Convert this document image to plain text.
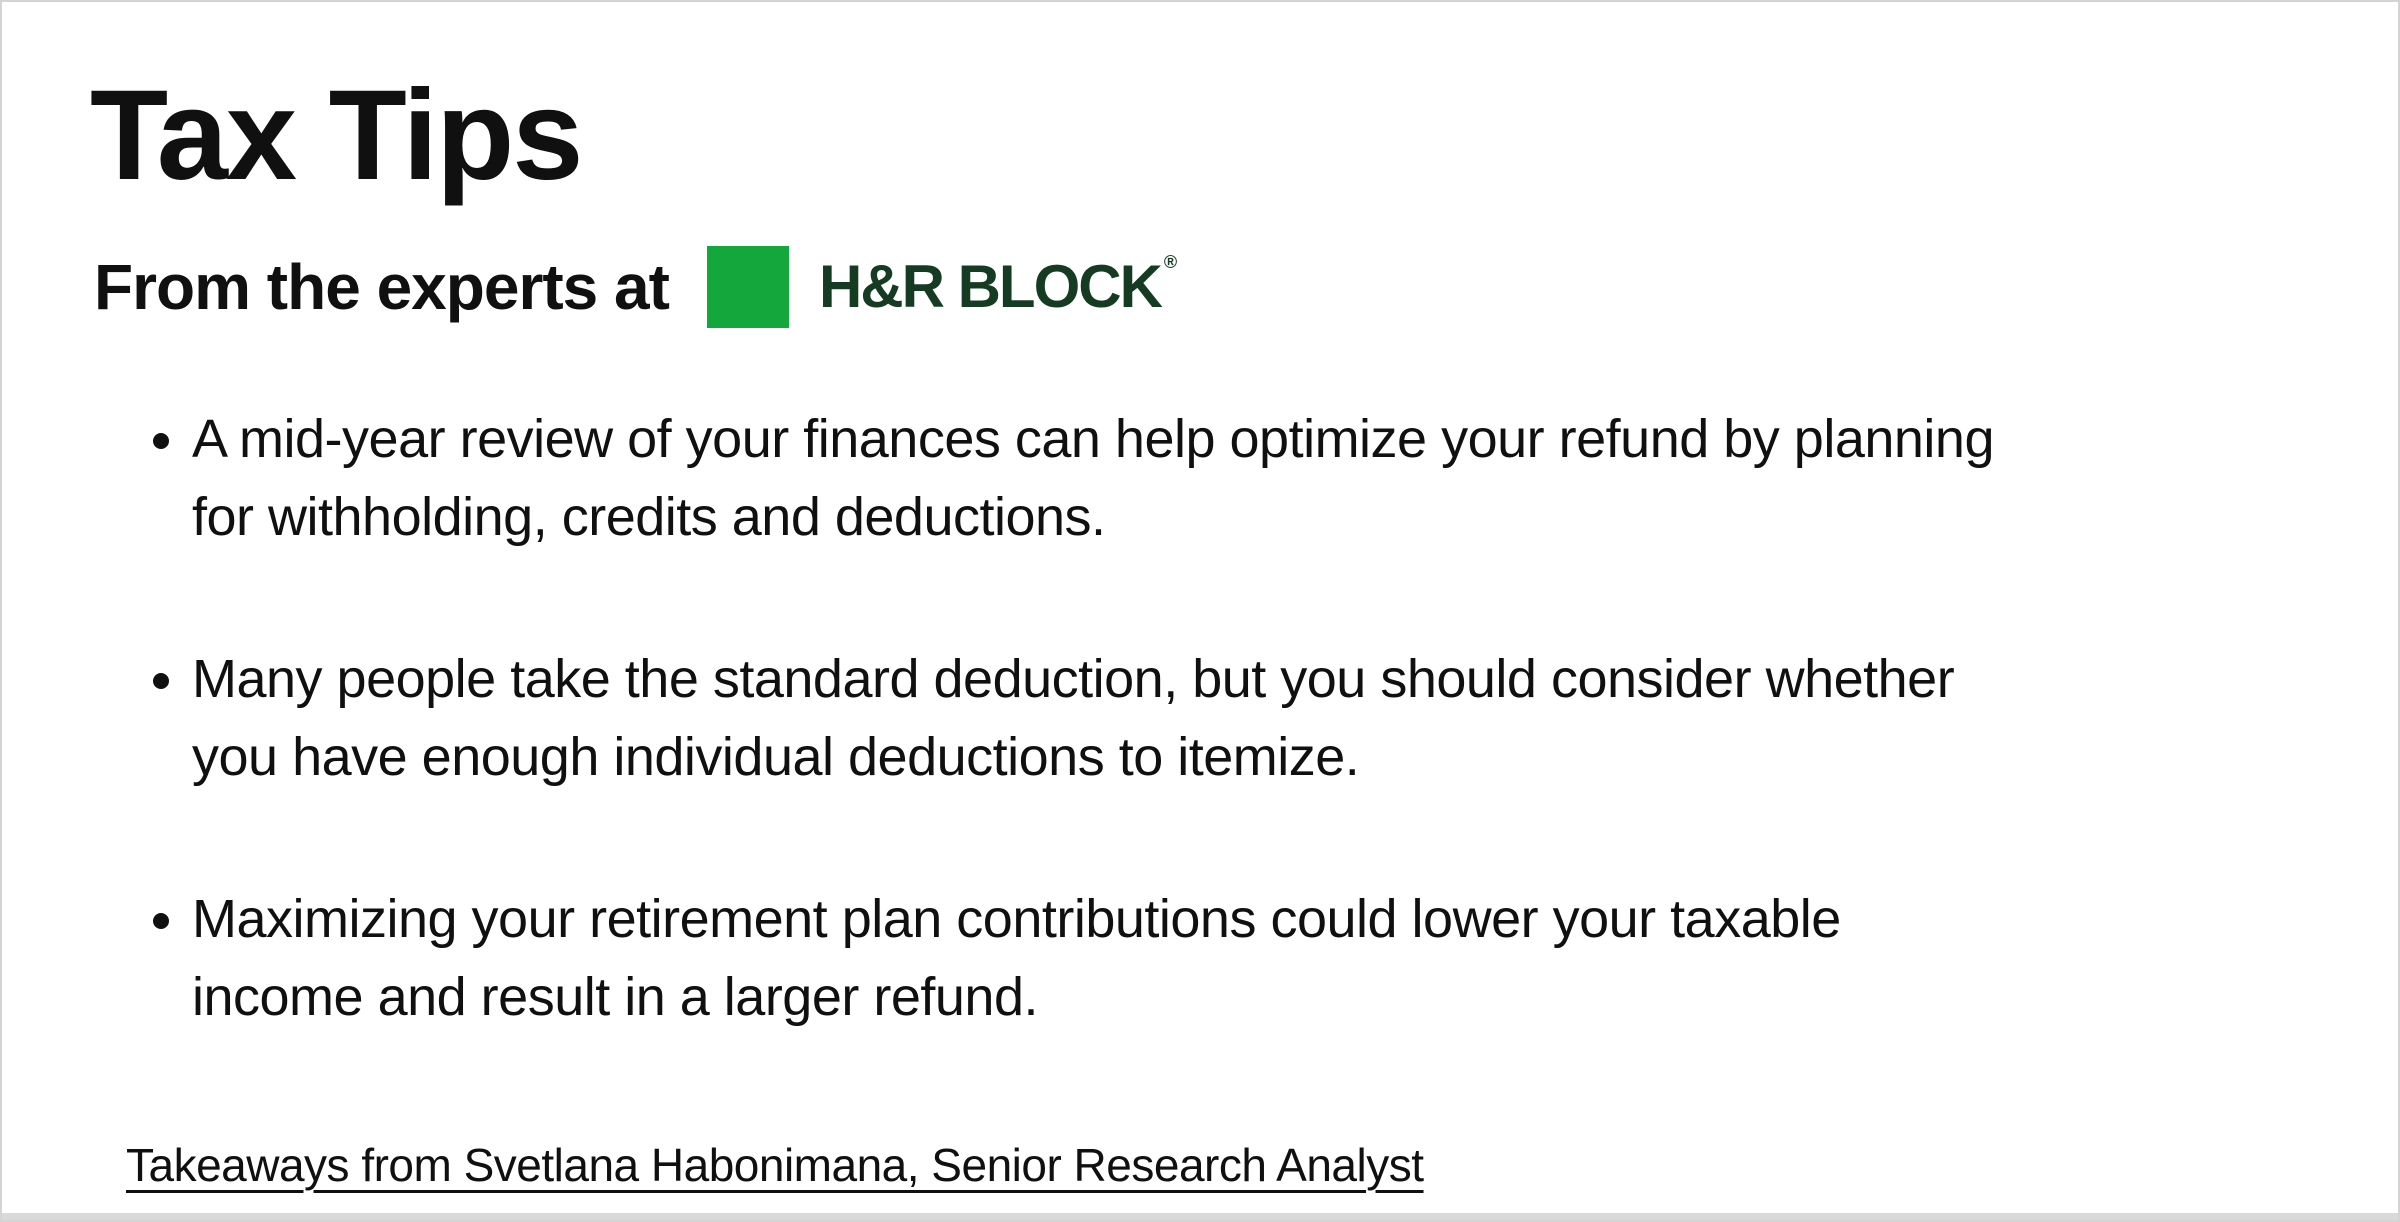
Tax Tips
From the experts at	H&R BLOCK ®
• A mid-year review of your finances can help optimize your refund by planning
for withholding, credits and deductions.
• Many people take the standard deduction, but you should consider whether
you have enough individual deductions to itemize.
• Maximizing your retirement plan contributions could lower your taxable
income and result in a larger refund.
Takeaways from Svetlana Habonimana, Senior Research Analyst
